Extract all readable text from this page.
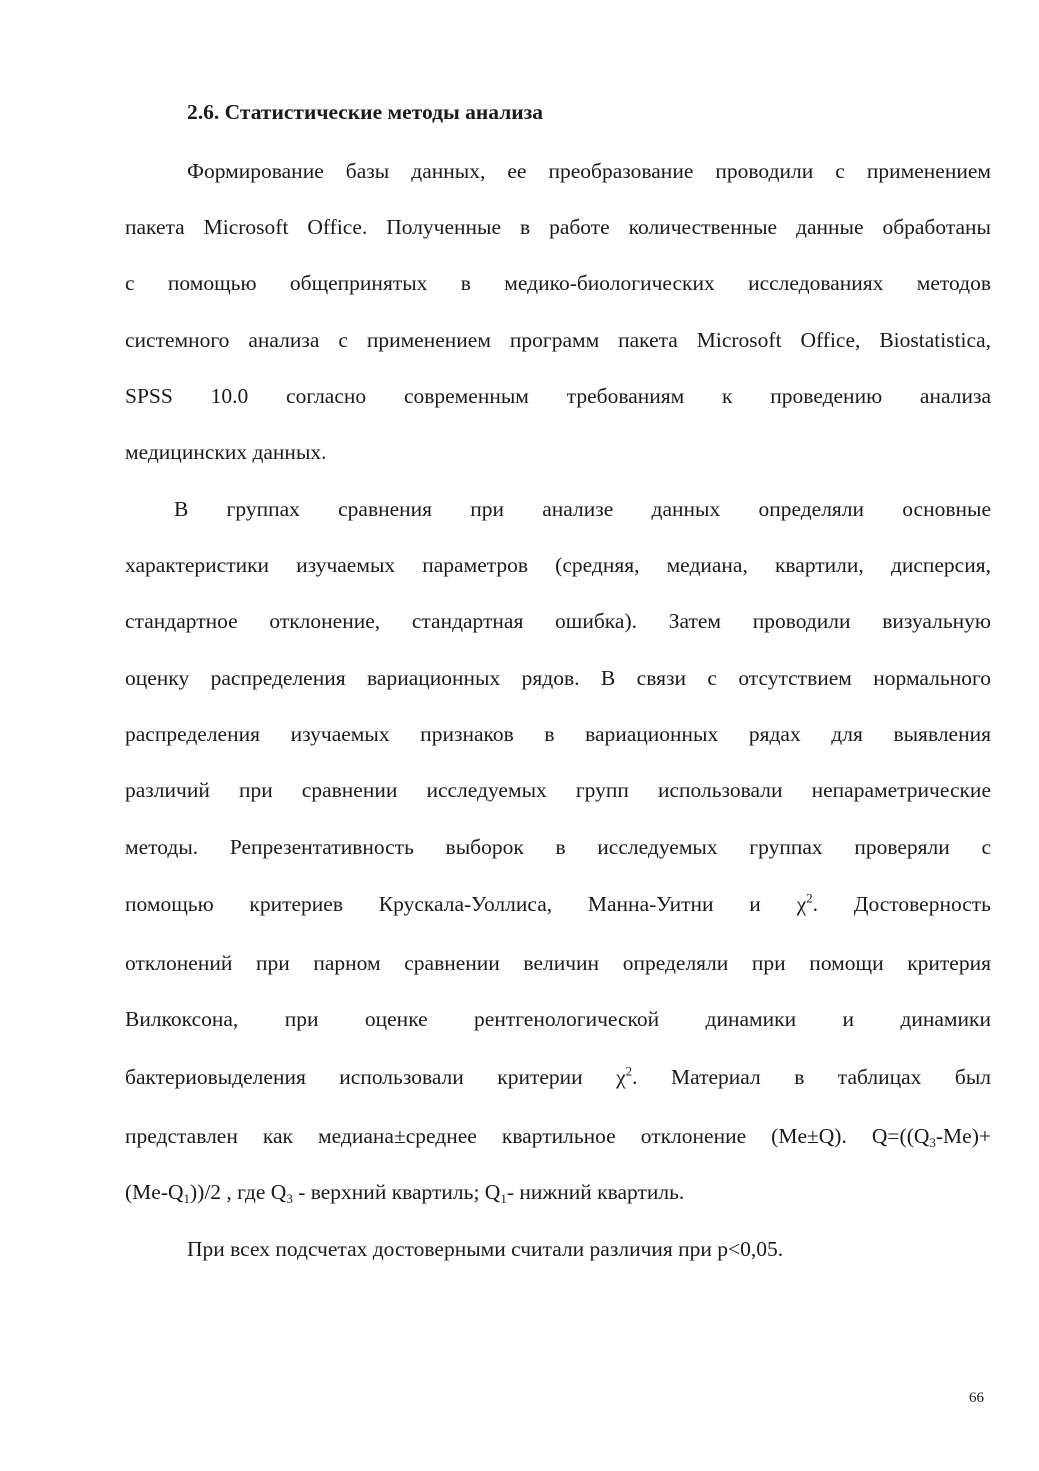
2.6. Статистические методы анализа
Формирование базы данных, ее преобразование проводили с применением
пакета Microsoft Office. Полученные в работе количественные данные обработаны
с помощью общепринятых в медико-биологических исследованиях методов
системного анализа с применением программ пакета Microsoft Office, Biostatistica,
SPSS 10.0 согласно современным требованиям к проведению анализа
медицинских данных.
В группах сравнения при анализе данных определяли основные
характеристики изучаемых параметров (средняя, медиана, квартили, дисперсия,
стандартное отклонение, стандартная ошибка). Затем проводили визуальную
оценку распределения вариационных рядов. В связи с отсутствием нормального
распределения изучаемых признаков в вариационных рядах для выявления
различий при сравнении исследуемых групп использовали непараметрические
методы. Репрезентативность выборок в исследуемых группах проверяли с
помощью критериев Крускала-Уоллиса, Манна-Уитни и $\chi^2$. Достоверность
отклонений при парном сравнении величин определяли при помощи критерия
Вилкоксона, при оценке рентгенологической динамики и динамики
бактериовыделения использовали критерии $\chi^2$. Материал в таблицах был
представлен как медиана±среднее квартильное отклонение (Me±Q). $Q=((Q_3-Me)+$
$(Me-Q_1))/2$ , где $Q_3$ - верхний квартиль; $Q_1-$ нижний квартиль.
При всех подсчетах достоверными считали различия при p<0,05.
66
